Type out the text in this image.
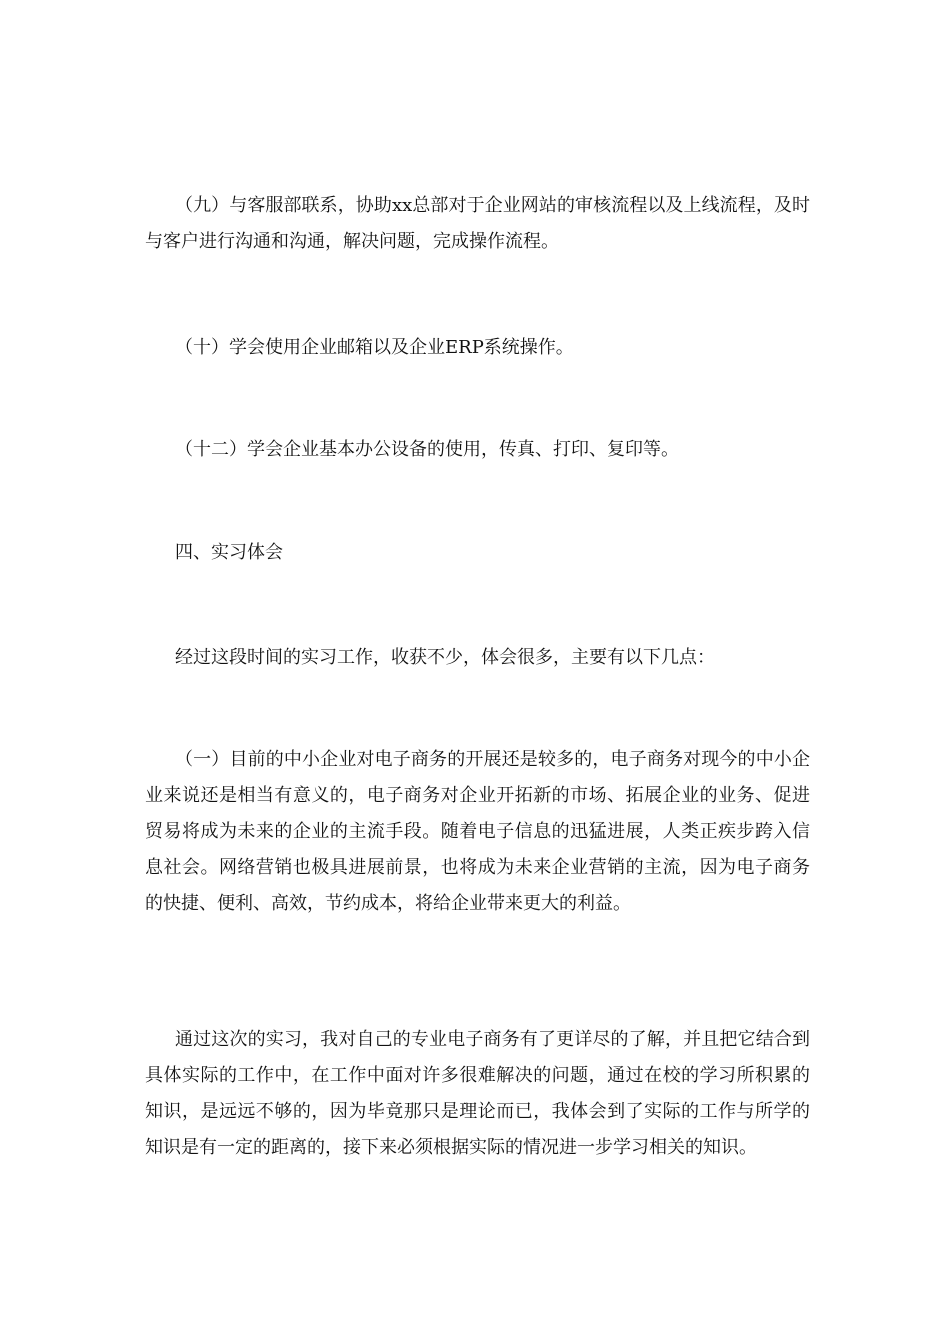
（九）与客服部联系，协助xx总部对于企业网站的审核流程以及上线流程，及时与客户进行沟通和沟通，解决问题，完成操作流程。

（十）学会使用企业邮箱以及企业ERP系统操作。

（十二）学会企业基本办公设备的使用，传真、打印、复印等。

四、实习体会

经过这段时间的实习工作，收获不少，体会很多，主要有以下几点：

（一）目前的中小企业对电子商务的开展还是较多的，电子商务对现今的中小企业来说还是相当有意义的，电子商务对企业开拓新的市场、拓展企业的业务、促进贸易将成为未来的企业的主流手段。随着电子信息的迅猛进展，人类正疾步跨入信息社会。网络营销也极具进展前景，也将成为未来企业营销的主流，因为电子商务的快捷、便利、高效，节约成本，将给企业带来更大的利益。

通过这次的实习，我对自己的专业电子商务有了更详尽的了解，并且把它结合到具体实际的工作中，在工作中面对许多很难解决的问题，通过在校的学习所积累的知识，是远远不够的，因为毕竟那只是理论而已，我体会到了实际的工作与所学的知识是有一定的距离的，接下来必须根据实际的情况进一步学习相关的知识。
